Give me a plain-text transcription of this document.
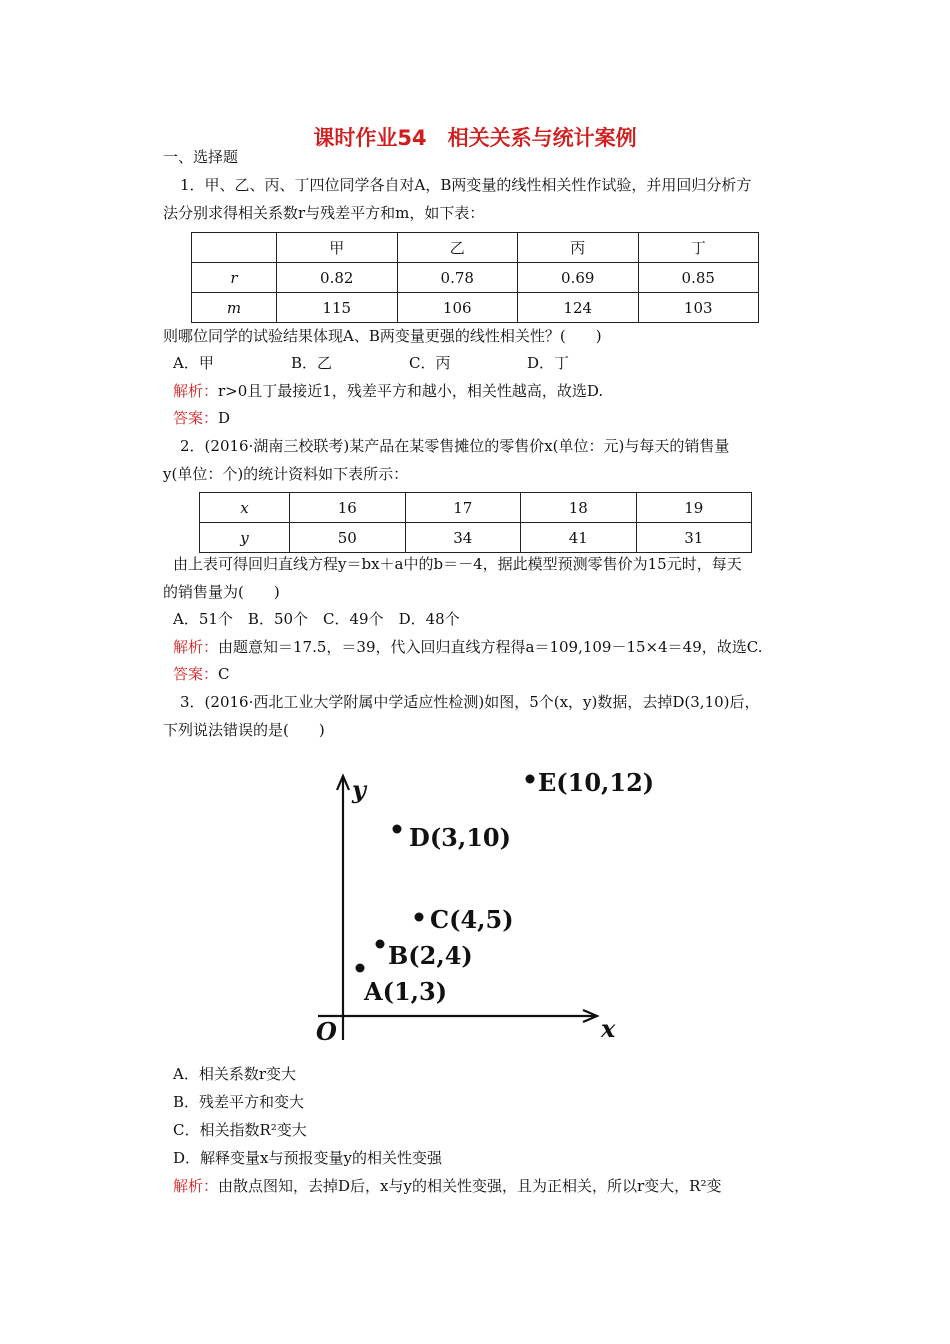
课时作业54　相关关系与统计案例
一、选择题
1．甲、乙、丙、丁四位同学各自对A，B两变量的线性相关性作试验，并用回归分析方
法分别求得相关系数r与残差平方和m，如下表：
	甲	乙	丙	丁
r	0.82	0.78	0.69	0.85
m	115	106	124	103
则哪位同学的试验结果体现A、B两变量更强的线性相关性？(　　)
A．甲	B．乙	C．丙	D．丁
解析：r>0且丁最接近1，残差平方和越小，相关性越高，故选D.
答案：D
2．(2016·湖南三校联考)某产品在某零售摊位的零售价x(单位：元)与每天的销售量
y(单位：个)的统计资料如下表所示：
x	16	17	18	19
y	50	34	41	31
由上表可得回归直线方程y＝bx＋a中的b＝－4，据此模型预测零售价为15元时，每天
的销售量为(　　)
A．51个　B．50个　C．49个　D．48个
解析：由题意知＝17.5，＝39，代入回归直线方程得a＝109,109－15×4＝49，故选C.
答案：C
3．(2016·西北工业大学附属中学适应性检测)如图，5个(x，y)数据，去掉D(3,10)后，
下列说法错误的是(　　)
y
x
O
A(1,3)
B(2,4)
C(4,5)
D(3,10)
E(10,12)
A．相关系数r变大
B．残差平方和变大
C．相关指数R²变大
D．解释变量x与预报变量y的相关性变强
解析：由散点图知，去掉D后，x与y的相关性变强，且为正相关，所以r变大，R²变
